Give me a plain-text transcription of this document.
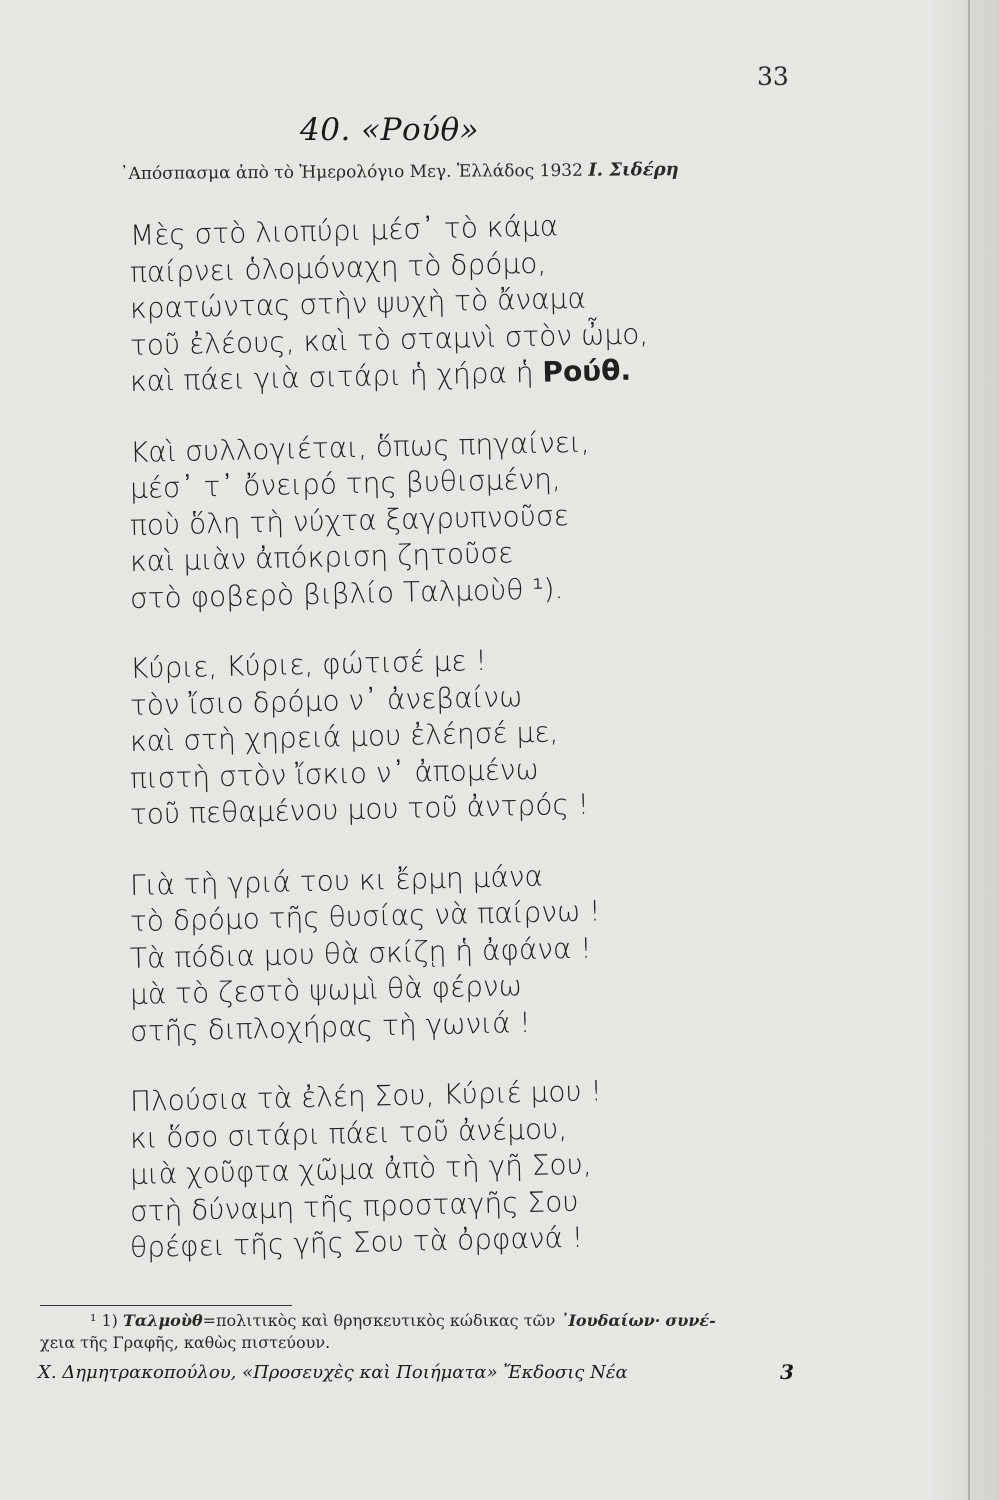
33
40. «Ρούθ»
᾿Απόσπασμα ἀπὸ τὸ Ἡμερολόγιο Μεγ. Ἑλλάδος 1932 Ι. Σιδέρη
Μὲς στὸ λιοπύρι μέσ᾿ τὸ κάμα
παίρνει ὁλομόναχη τὸ δρόμο,
κρατώντας στὴν ψυχὴ τὸ ἄναμα
τοῦ ἐλέους, καὶ τὸ σταμνὶ στὸν ὦμο,
καὶ πάει γιὰ σιτάρι ἡ χήρα ἡ Ρούθ.
Καὶ συλλογιέται, ὅπως πηγαίνει,
μέσ᾿ τ᾿ ὄνειρό της βυθισμένη,
ποὺ ὅλη τὴ νύχτα ξαγρυπνοῦσε
καὶ μιὰν ἀπόκριση ζητοῦσε
στὸ φοβερὸ βιβλίο Ταλμοὺθ ¹).
Κύριε, Κύριε, φώτισέ με !
τὸν ἴσιο δρόμο ν᾿ ἀνεβαίνω
καὶ στὴ χηρειά μου ἐλέησέ με,
πιστὴ στὸν ἴσκιο ν᾿ ἀπομένω
τοῦ πεθαμένου μου τοῦ ἀντρός !
Γιὰ τὴ γριά του κι ἔρμη μάνα
τὸ δρόμο τῆς θυσίας νὰ παίρνω !
Τὰ πόδια μου θὰ σκίζῃ ἡ ἀφάνα !
μὰ τὸ ζεστὸ ψωμὶ θὰ φέρνω
στῆς διπλοχήρας τὴ γωνιά !
Πλούσια τὰ ἐλέη Σου, Κύριέ μου !
κι ὅσο σιτάρι πάει τοῦ ἀνέμου,
μιὰ χοῦφτα χῶμα ἀπὸ τὴ γῆ Σου,
στὴ δύναμη τῆς προσταγῆς Σου
θρέφει τῆς γῆς Σου τὰ ὀρφανά !
¹ 1) Ταλμοὺθ=πολιτικὸς καὶ θρησκευτικὸς κώδικας τῶν ᾿Ιουδαίων· συνέ-
χεια τῆς Γραφῆς, καθὼς πιστεύουν.
Χ. Δημητρακοπούλου, «Προσευχὲς καὶ Ποιήματα» Ἔκδοσις Νέα	3
